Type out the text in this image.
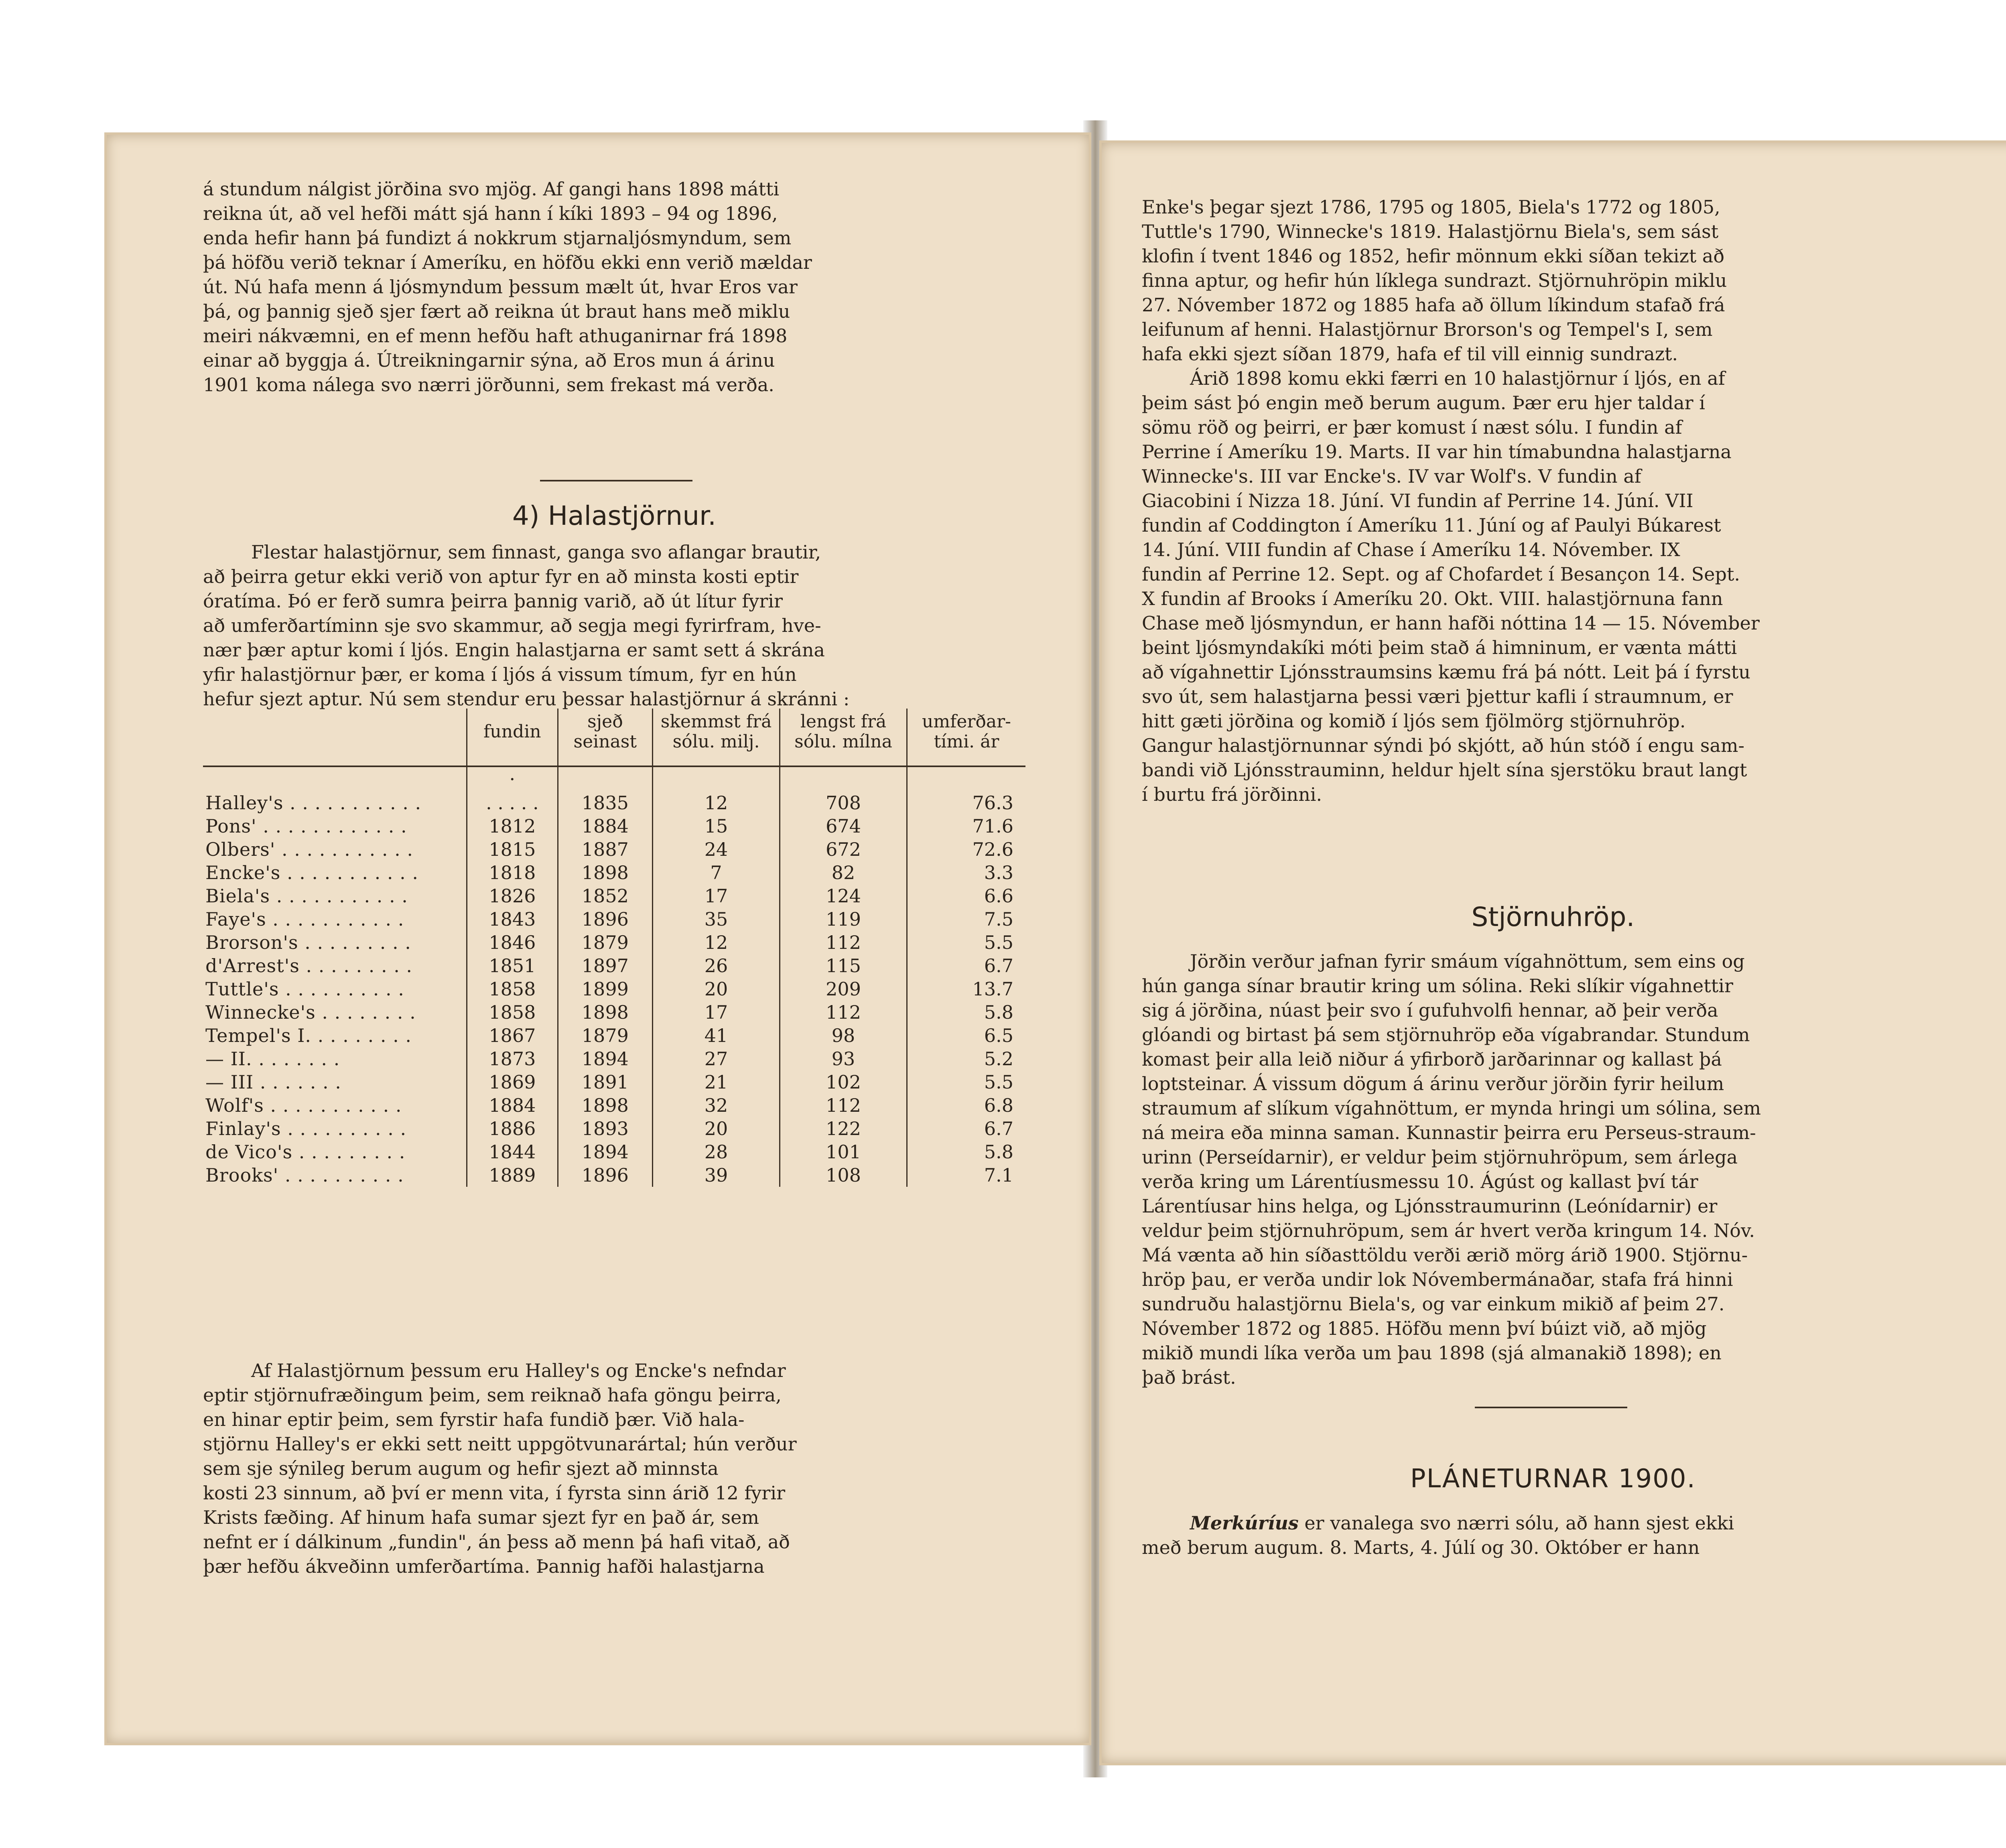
á stundum nálgist jörðina svo mjög. Af gangi hans 1898 mátti

reikna út, að vel hefði mátt sjá hann í kíki 1893 – 94 og 1896,

enda hefir hann þá fundizt á nokkrum stjarnaljósmyndum, sem

þá höfðu verið teknar í Ameríku, en höfðu ekki enn verið mældar

út. Nú hafa menn á ljósmyndum þessum mælt út, hvar Eros var

þá, og þannig sjeð sjer fært að reikna út braut hans með miklu

meiri nákvæmni, en ef menn hefðu haft athuganirnar frá 1898

einar að byggja á. Útreikningarnir sýna, að Eros mun á árinu

1901 koma nálega svo nærri jörðunni, sem frekast má verða.

4) Halastjörnur.

Flestar halastjörnur, sem finnast, ganga svo aflangar brautir,

að þeirra getur ekki verið von aptur fyr en að minsta kosti eptir

óratíma. Þó er ferð sumra þeirra þannig varið, að út lítur fyrir

að umferðartíminn sje svo skammur, að segja megi fyrirfram, hve-

nær þær aptur komi í ljós. Engin halastjarna er samt sett á skrána

yfir halastjörnur þær, er koma í ljós á vissum tímum, fyr en hún

hefur sjezt aptur. Nú sem stendur eru þessar halastjörnur á skránni :

	fundin	sjeð seinast	skemmst frá sólu. milj.	lengst frá sólu. mílna	umferðar-tími. ár
	·				
Halley's . . . . . . . . . . .	. . . . .	1835	12	708	76.3
Pons' . . . . . . . . . . . .	1812	1884	15	674	71.6
Olbers' . . . . . . . . . . .	1815	1887	24	672	72.6
Encke's . . . . . . . . . . .	1818	1898	7	82	3.3
Biela's . . . . . . . . . . .	1826	1852	17	124	6.6
Faye's . . . . . . . . . . .	1843	1896	35	119	7.5
Brorson's . . . . . . . . .	1846	1879	12	112	5.5
d'Arrest's . . . . . . . . .	1851	1897	26	115	6.7
Tuttle's . . . . . . . . . .	1858	1899	20	209	13.7
Winnecke's . . . . . . . .	1858	1898	17	112	5.8
Tempel's I. . . . . . . . .	1867	1879	41	98	6.5
— II. . . . . . . .	1873	1894	27	93	5.2
— III . . . . . . .	1869	1891	21	102	5.5
Wolf's . . . . . . . . . . .	1884	1898	32	112	6.8
Finlay's . . . . . . . . . .	1886	1893	20	122	6.7
de Vico's . . . . . . . . .	1844	1894	28	101	5.8
Brooks' . . . . . . . . . .	1889	1896	39	108	7.1

Af Halastjörnum þessum eru Halley's og Encke's nefndar

eptir stjörnufræðingum þeim, sem reiknað hafa göngu þeirra,

en hinar eptir þeim, sem fyrstir hafa fundið þær. Við hala-

stjörnu Halley's er ekki sett neitt uppgötvunarártal; hún verður

sem sje sýnileg berum augum og hefir sjezt að minnsta

kosti 23 sinnum, að því er menn vita, í fyrsta sinn árið 12 fyrir

Krists fæðing. Af hinum hafa sumar sjezt fyr en það ár, sem

nefnt er í dálkinum „fundin", án þess að menn þá hafi vitað, að

þær hefðu ákveðinn umferðartíma. Þannig hafði halastjarna

Enke's þegar sjezt 1786, 1795 og 1805, Biela's 1772 og 1805,

Tuttle's 1790, Winnecke's 1819. Halastjörnu Biela's, sem sást

klofin í tvent 1846 og 1852, hefir mönnum ekki síðan tekizt að

finna aptur, og hefir hún líklega sundrazt. Stjörnuhröpin miklu

27. Nóvember 1872 og 1885 hafa að öllum líkindum stafað frá

leifunum af henni. Halastjörnur Brorson's og Tempel's I, sem

hafa ekki sjezt síðan 1879, hafa ef til vill einnig sundrazt.

Árið 1898 komu ekki færri en 10 halastjörnur í ljós, en af

þeim sást þó engin með berum augum. Þær eru hjer taldar í

sömu röð og þeirri, er þær komust í næst sólu. I fundin af

Perrine í Ameríku 19. Marts. II var hin tímabundna halastjarna

Winnecke's. III var Encke's. IV var Wolf's. V fundin af

Giacobini í Nizza 18. Júní. VI fundin af Perrine 14. Júní. VII

fundin af Coddington í Ameríku 11. Júní og af Paulyi Búkarest

14. Júní. VIII fundin af Chase í Ameríku 14. Nóvember. IX

fundin af Perrine 12. Sept. og af Chofardet í Besançon 14. Sept.

X fundin af Brooks í Ameríku 20. Okt. VIII. halastjörnuna fann

Chase með ljósmyndun, er hann hafði nóttina 14 — 15. Nóvember

beint ljósmyndakíki móti þeim stað á himninum, er vænta mátti

að vígahnettir Ljónsstraumsins kæmu frá þá nótt. Leit þá í fyrstu

svo út, sem halastjarna þessi væri þjettur kafli í straumnum, er

hitt gæti jörðina og komið í ljós sem fjölmörg stjörnuhröp.

Gangur halastjörnunnar sýndi þó skjótt, að hún stóð í engu sam-

bandi við Ljónsstrauminn, heldur hjelt sína sjerstöku braut langt

í burtu frá jörðinni.

Stjörnuhröp.

Jörðin verður jafnan fyrir smáum vígahnöttum, sem eins og

hún ganga sínar brautir kring um sólina. Reki slíkir vígahnettir

sig á jörðina, núast þeir svo í gufuhvolfi hennar, að þeir verða

glóandi og birtast þá sem stjörnuhröp eða vígabrandar. Stundum

komast þeir alla leið niður á yfirborð jarðarinnar og kallast þá

loptsteinar. Á vissum dögum á árinu verður jörðin fyrir heilum

straumum af slíkum vígahnöttum, er mynda hringi um sólina, sem

ná meira eða minna saman. Kunnastir þeirra eru Perseus-straum-

urinn (Perseídarnir), er veldur þeim stjörnuhröpum, sem árlega

verða kring um Lárentíusmessu 10. Ágúst og kallast því tár

Lárentíusar hins helga, og Ljónsstraumurinn (Leónídarnir) er

veldur þeim stjörnuhröpum, sem ár hvert verða kringum 14. Nóv.

Má vænta að hin síðasttöldu verði ærið mörg árið 1900. Stjörnu-

hröp þau, er verða undir lok Nóvembermánaðar, stafa frá hinni

sundruðu halastjörnu Biela's, og var einkum mikið af þeim 27.

Nóvember 1872 og 1885. Höfðu menn því búizt við, að mjög

mikið mundi líka verða um þau 1898 (sjá almanakið 1898); en

það brást.

PLÁNETURNAR 1900.

Merkúríus er vanalega svo nærri sólu, að hann sjest ekki

með berum augum. 8. Marts, 4. Júlí og 30. Október er hann
